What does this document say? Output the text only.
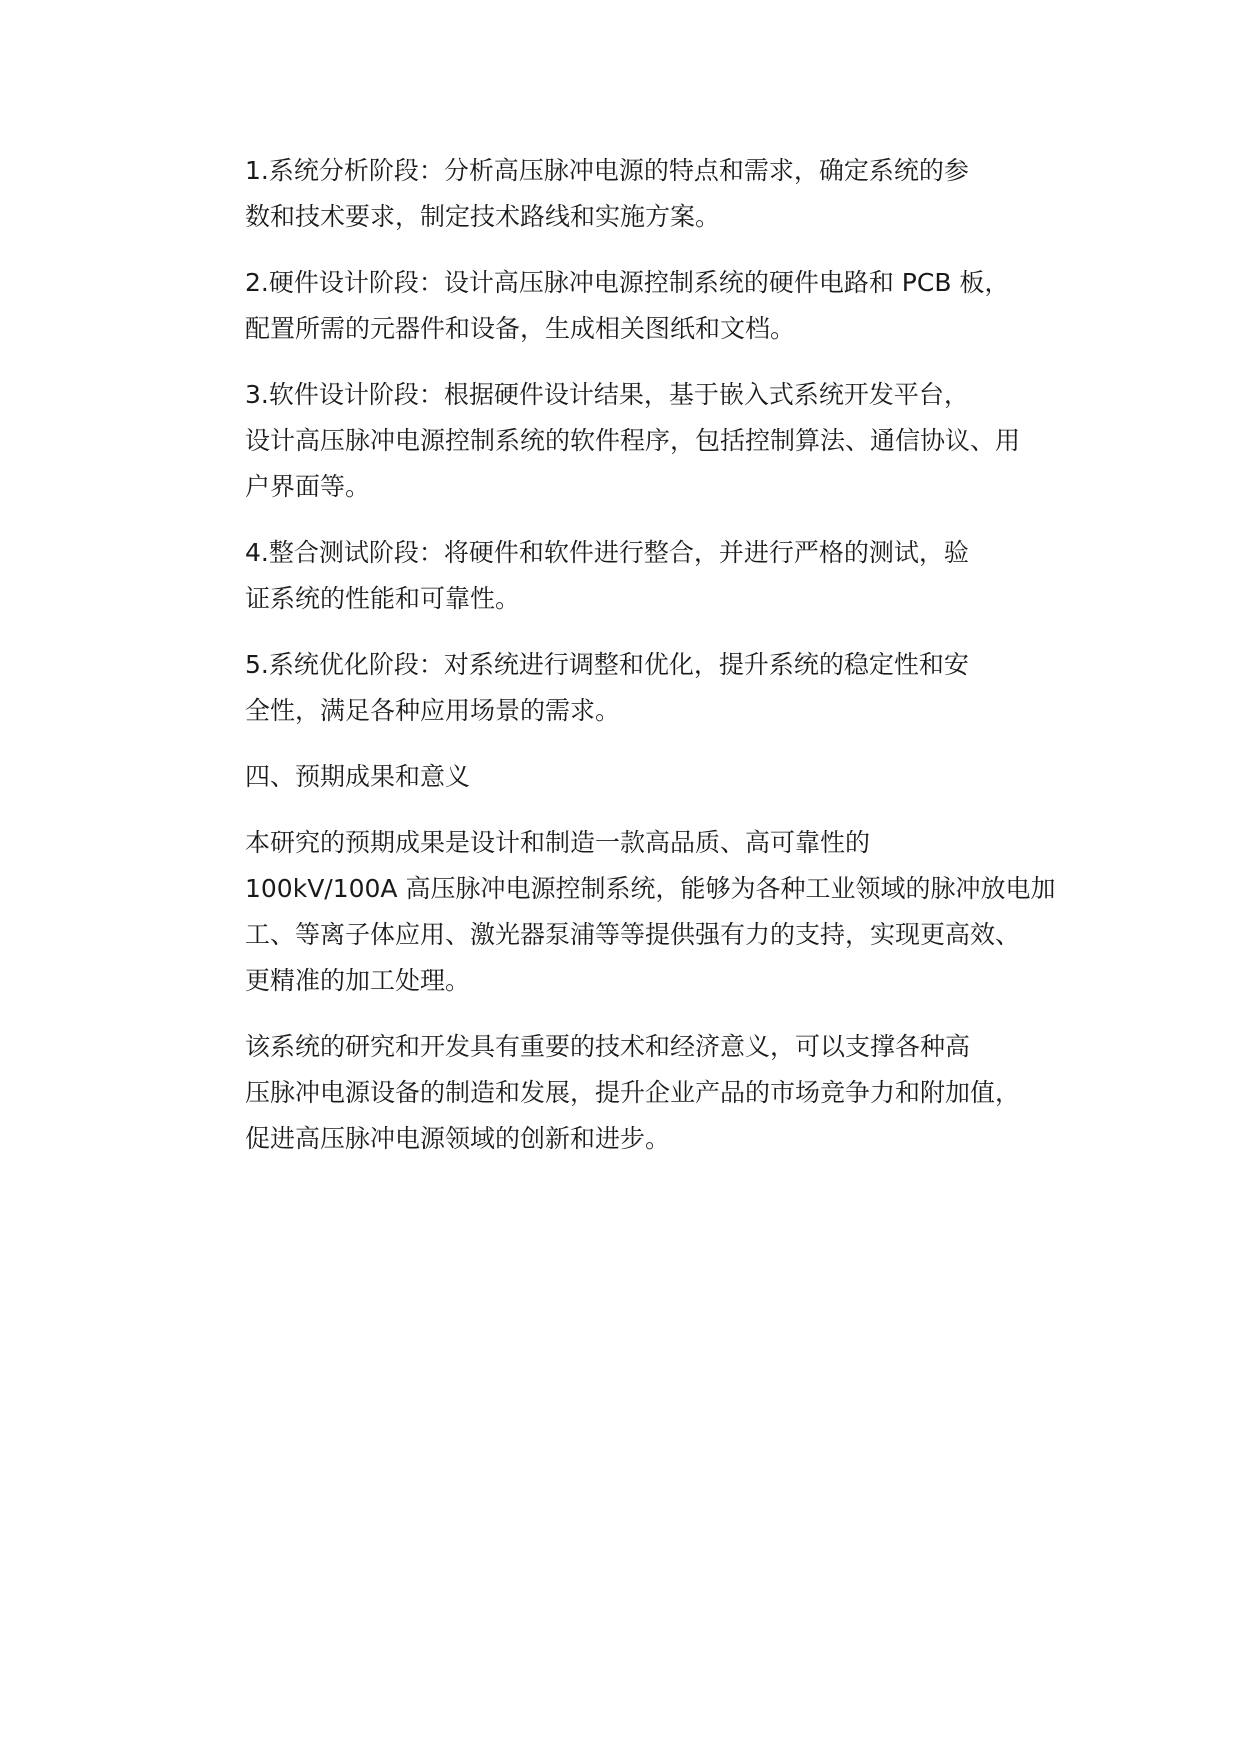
1.系统分析阶段：分析高压脉冲电源的特点和需求，确定系统的参
数和技术要求，制定技术路线和实施方案。

2.硬件设计阶段：设计高压脉冲电源控制系统的硬件电路和 PCB 板，
配置所需的元器件和设备，生成相关图纸和文档。

3.软件设计阶段：根据硬件设计结果，基于嵌入式系统开发平台，
设计高压脉冲电源控制系统的软件程序，包括控制算法、通信协议、用
户界面等。

4.整合测试阶段：将硬件和软件进行整合，并进行严格的测试，验
证系统的性能和可靠性。

5.系统优化阶段：对系统进行调整和优化，提升系统的稳定性和安
全性，满足各种应用场景的需求。

四、预期成果和意义

本研究的预期成果是设计和制造一款高品质、高可靠性的
100kV/100A 高压脉冲电源控制系统，能够为各种工业领域的脉冲放电加
工、等离子体应用、激光器泵浦等等提供强有力的支持，实现更高效、
更精准的加工处理。

该系统的研究和开发具有重要的技术和经济意义，可以支撑各种高
压脉冲电源设备的制造和发展，提升企业产品的市场竞争力和附加值，
促进高压脉冲电源领域的创新和进步。
